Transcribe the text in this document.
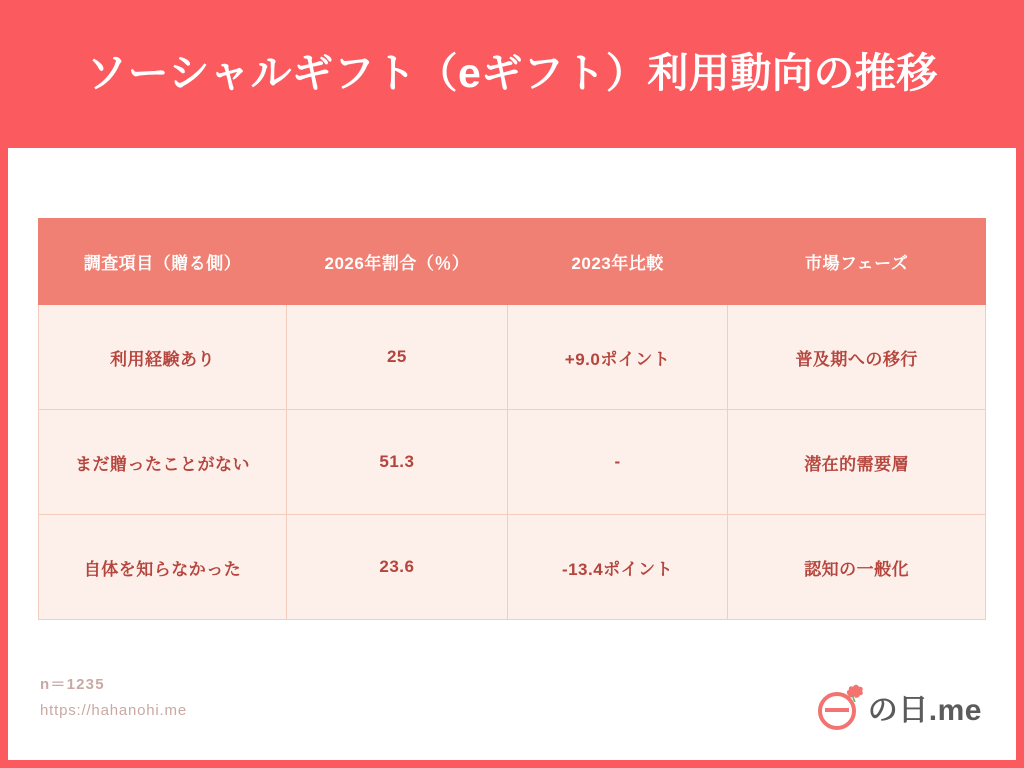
ソーシャルギフト（eギフト）利用動向の推移
調査項目（贈る側）	2026年割合（％）	2023年比較	市場フェーズ
利用経験あり	25	+9.0ポイント	普及期への移行
まだ贈ったことがない	51.3	-	潜在的需要層
自体を知らなかった	23.6	-13.4ポイント	認知の一般化
n＝1235
https://hahanohi.me	の日.me
